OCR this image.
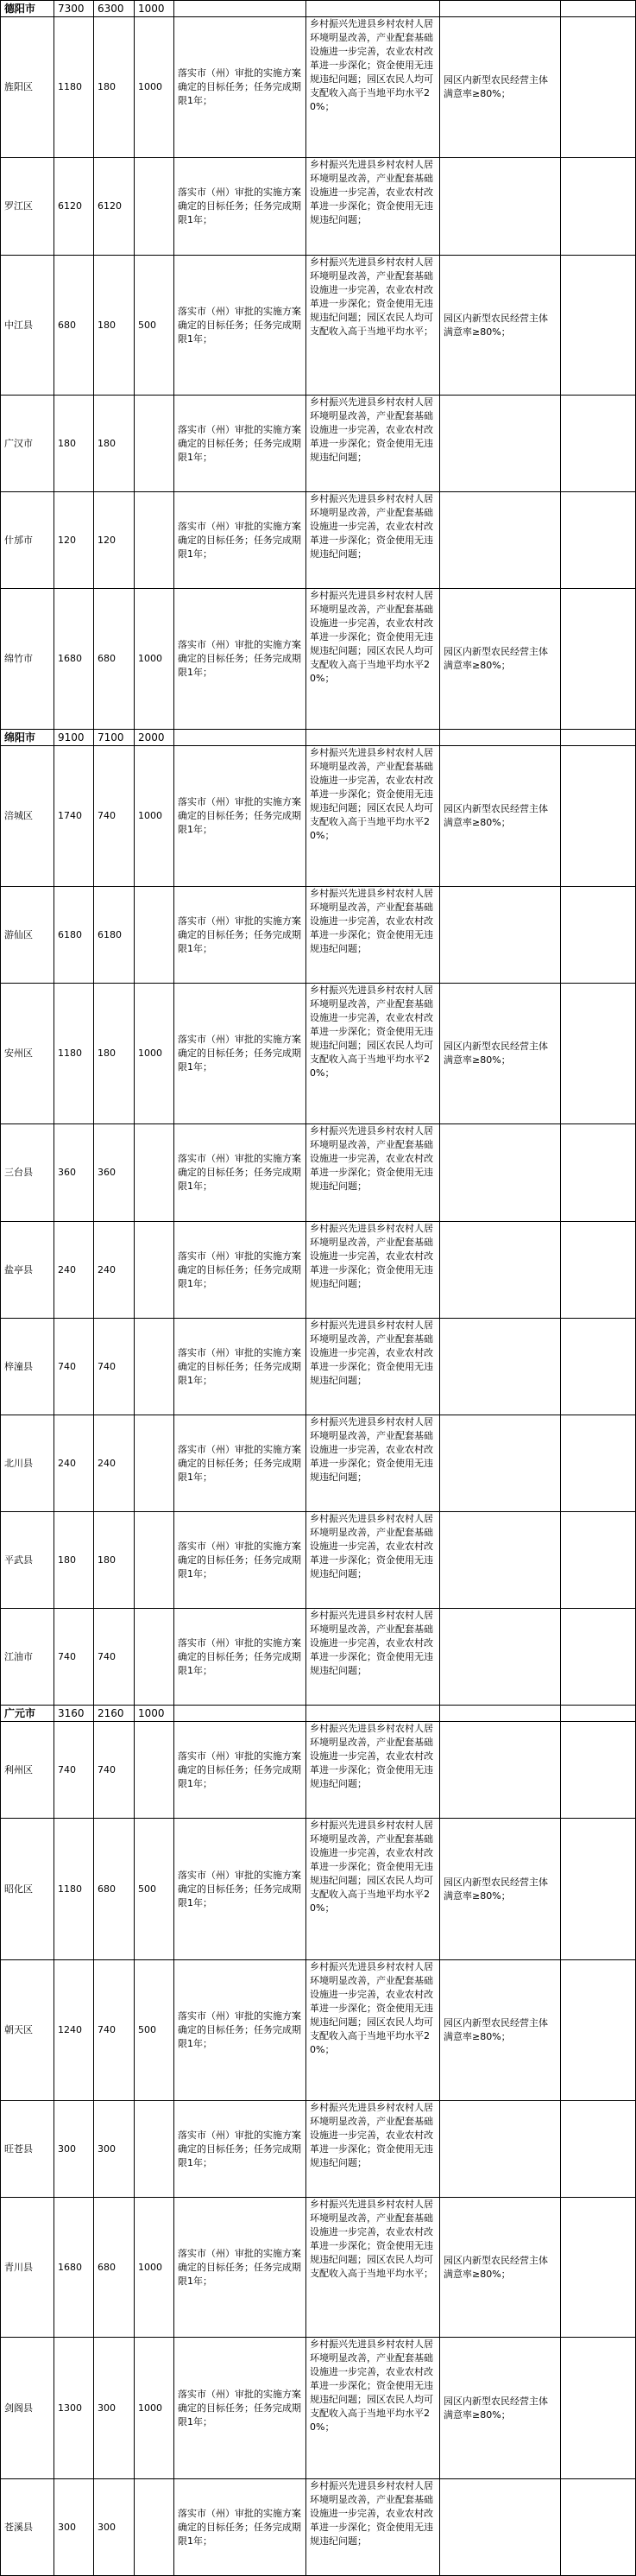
德阳市	7300	6300	1000				
旌阳区	1180	180	1000	落实市（州）审批的实施方案确定的目标任务；任务完成期限1年；	乡村振兴先进县乡村农村人居环境明显改善，产业配套基础设施进一步完善，农业农村改革进一步深化；资金使用无违规违纪问题；园区农民人均可支配收入高于当地平均水平20%；	园区内新型农民经营主体满意率≥80%；	
罗江区	6120	6120		落实市（州）审批的实施方案确定的目标任务；任务完成期限1年；	乡村振兴先进县乡村农村人居环境明显改善，产业配套基础设施进一步完善，农业农村改革进一步深化；资金使用无违规违纪问题；		
中江县	680	180	500	落实市（州）审批的实施方案确定的目标任务；任务完成期限1年；	乡村振兴先进县乡村农村人居环境明显改善，产业配套基础设施进一步完善，农业农村改革进一步深化；资金使用无违规违纪问题；园区农民人均可支配收入高于当地平均水平；	园区内新型农民经营主体满意率≥80%；	
广汉市	180	180		落实市（州）审批的实施方案确定的目标任务；任务完成期限1年；	乡村振兴先进县乡村农村人居环境明显改善，产业配套基础设施进一步完善，农业农村改革进一步深化；资金使用无违规违纪问题；		
什邡市	120	120		落实市（州）审批的实施方案确定的目标任务；任务完成期限1年；	乡村振兴先进县乡村农村人居环境明显改善，产业配套基础设施进一步完善，农业农村改革进一步深化；资金使用无违规违纪问题；		
绵竹市	1680	680	1000	落实市（州）审批的实施方案确定的目标任务；任务完成期限1年；	乡村振兴先进县乡村农村人居环境明显改善，产业配套基础设施进一步完善，农业农村改革进一步深化；资金使用无违规违纪问题；园区农民人均可支配收入高于当地平均水平20%；	园区内新型农民经营主体满意率≥80%；	
绵阳市	9100	7100	2000				
涪城区	1740	740	1000	落实市（州）审批的实施方案确定的目标任务；任务完成期限1年；	乡村振兴先进县乡村农村人居环境明显改善，产业配套基础设施进一步完善，农业农村改革进一步深化；资金使用无违规违纪问题；园区农民人均可支配收入高于当地平均水平20%；	园区内新型农民经营主体满意率≥80%；	
游仙区	6180	6180		落实市（州）审批的实施方案确定的目标任务；任务完成期限1年；	乡村振兴先进县乡村农村人居环境明显改善，产业配套基础设施进一步完善，农业农村改革进一步深化；资金使用无违规违纪问题；		
安州区	1180	180	1000	落实市（州）审批的实施方案确定的目标任务；任务完成期限1年；	乡村振兴先进县乡村农村人居环境明显改善，产业配套基础设施进一步完善，农业农村改革进一步深化；资金使用无违规违纪问题；园区农民人均可支配收入高于当地平均水平20%；	园区内新型农民经营主体满意率≥80%；	
三台县	360	360		落实市（州）审批的实施方案确定的目标任务；任务完成期限1年；	乡村振兴先进县乡村农村人居环境明显改善，产业配套基础设施进一步完善，农业农村改革进一步深化；资金使用无违规违纪问题；		
盐亭县	240	240		落实市（州）审批的实施方案确定的目标任务；任务完成期限1年；	乡村振兴先进县乡村农村人居环境明显改善，产业配套基础设施进一步完善，农业农村改革进一步深化；资金使用无违规违纪问题；		
梓潼县	740	740		落实市（州）审批的实施方案确定的目标任务；任务完成期限1年；	乡村振兴先进县乡村农村人居环境明显改善，产业配套基础设施进一步完善，农业农村改革进一步深化；资金使用无违规违纪问题；		
北川县	240	240		落实市（州）审批的实施方案确定的目标任务；任务完成期限1年；	乡村振兴先进县乡村农村人居环境明显改善，产业配套基础设施进一步完善，农业农村改革进一步深化；资金使用无违规违纪问题；		
平武县	180	180		落实市（州）审批的实施方案确定的目标任务；任务完成期限1年；	乡村振兴先进县乡村农村人居环境明显改善，产业配套基础设施进一步完善，农业农村改革进一步深化；资金使用无违规违纪问题；		
江油市	740	740		落实市（州）审批的实施方案确定的目标任务；任务完成期限1年；	乡村振兴先进县乡村农村人居环境明显改善，产业配套基础设施进一步完善，农业农村改革进一步深化；资金使用无违规违纪问题；		
广元市	3160	2160	1000				
利州区	740	740		落实市（州）审批的实施方案确定的目标任务；任务完成期限1年；	乡村振兴先进县乡村农村人居环境明显改善，产业配套基础设施进一步完善，农业农村改革进一步深化；资金使用无违规违纪问题；		
昭化区	1180	680	500	落实市（州）审批的实施方案确定的目标任务；任务完成期限1年；	乡村振兴先进县乡村农村人居环境明显改善，产业配套基础设施进一步完善，农业农村改革进一步深化；资金使用无违规违纪问题；园区农民人均可支配收入高于当地平均水平20%；	园区内新型农民经营主体满意率≥80%；	
朝天区	1240	740	500	落实市（州）审批的实施方案确定的目标任务；任务完成期限1年；	乡村振兴先进县乡村农村人居环境明显改善，产业配套基础设施进一步完善，农业农村改革进一步深化；资金使用无违规违纪问题；园区农民人均可支配收入高于当地平均水平20%；	园区内新型农民经营主体满意率≥80%；	
旺苍县	300	300		落实市（州）审批的实施方案确定的目标任务；任务完成期限1年；	乡村振兴先进县乡村农村人居环境明显改善，产业配套基础设施进一步完善，农业农村改革进一步深化；资金使用无违规违纪问题；		
青川县	1680	680	1000	落实市（州）审批的实施方案确定的目标任务；任务完成期限1年；	乡村振兴先进县乡村农村人居环境明显改善，产业配套基础设施进一步完善，农业农村改革进一步深化；资金使用无违规违纪问题；园区农民人均可支配收入高于当地平均水平；	园区内新型农民经营主体满意率≥80%；	
剑阁县	1300	300	1000	落实市（州）审批的实施方案确定的目标任务；任务完成期限1年；	乡村振兴先进县乡村农村人居环境明显改善，产业配套基础设施进一步完善，农业农村改革进一步深化；资金使用无违规违纪问题；园区农民人均可支配收入高于当地平均水平20%；	园区内新型农民经营主体满意率≥80%；	
苍溪县	300	300		落实市（州）审批的实施方案确定的目标任务；任务完成期限1年；	乡村振兴先进县乡村农村人居环境明显改善，产业配套基础设施进一步完善，农业农村改革进一步深化；资金使用无违规违纪问题；		
